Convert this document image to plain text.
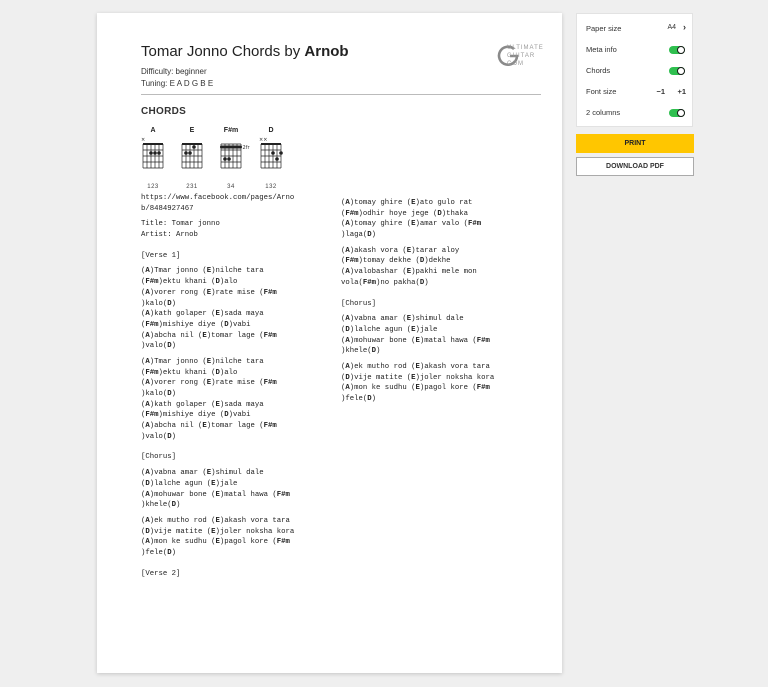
Tomar Jonno Chords by Arnob
Difficulty: beginner
Tuning: E A D G B E
ULTIMATE
GUITAR
COM
CHORDS
A
×
123
E
231
F#m
2fr
34
D
××
132
https://www.facebook.com/pages/Arno
b/8484927467
Title: Tomar jonno
Artist: Arnob
[Verse 1]
(A)Tmar jonno (E)nilche tara
(F#m)ektu khani (D)alo
(A)vorer rong (E)rate mise (F#m
)kalo(D)
(A)kath golaper (E)sada maya
(F#m)mishiye diye (D)vabi
(A)abcha nil (E)tomar lage (F#m
)valo(D)
(A)Tmar jonno (E)nilche tara
(F#m)ektu khani (D)alo
(A)vorer rong (E)rate mise (F#m
)kalo(D)
(A)kath golaper (E)sada maya
(F#m)mishiye diye (D)vabi
(A)abcha nil (E)tomar lage (F#m
)valo(D)
[Chorus]
(A)vabna amar (E)shimul dale
(D)lalche agun (E)jale
(A)mohuwar bone (E)matal hawa (F#m
)khele(D)
(A)ek mutho rod (E)akash vora tara
(D)vije matite (E)joler noksha kora
(A)mon ke sudhu (E)pagol kore (F#m
)fele(D)
[Verse 2]
(A)tomay ghire (E)ato gulo rat
(F#m)odhir hoye jege (D)thaka
(A)tomay ghire (E)amar valo (F#m
)laga(D)
(A)akash vora (E)tarar aloy
(F#m)tomay dekhe (D)dekhe
(A)valobashar (E)pakhi mele mon
vola(F#m)no pakha(D)
[Chorus]
(A)vabna amar (E)shimul dale
(D)lalche agun (E)jale
(A)mohuwar bone (E)matal hawa (F#m
)khele(D)
(A)ek mutho rod (E)akash vora tara
(D)vije matite (E)joler noksha kora
(A)mon ke sudhu (E)pagol kore (F#m
)fele(D)
Paper size	A4 ›
Meta info
Chords
Font size	−1 +1
2 columns
PRINT
DOWNLOAD PDF
